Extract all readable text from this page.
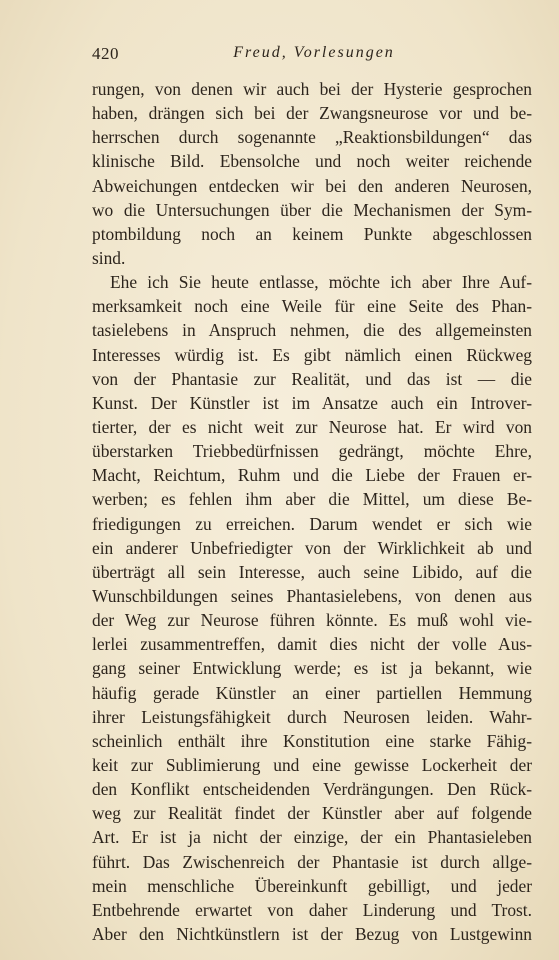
420	Freud, Vorlesungen
rungen, von denen wir auch bei der Hysterie gesprochen
haben, drängen sich bei der Zwangsneurose vor und be-
herrschen durch sogenannte „Reaktionsbildungen“ das
klinische Bild. Ebensolche und noch weiter reichende
Abweichungen entdecken wir bei den anderen Neurosen,
wo die Untersuchungen über die Mechanismen der Sym-
ptombildung noch an keinem Punkte abgeschlossen
sind.
Ehe ich Sie heute entlasse, möchte ich aber Ihre Auf-
merksamkeit noch eine Weile für eine Seite des Phan-
tasielebens in Anspruch nehmen, die des allgemeinsten
Interesses würdig ist. Es gibt nämlich einen Rückweg
von der Phantasie zur Realität, und das ist — die
Kunst. Der Künstler ist im Ansatze auch ein Introver-
tierter, der es nicht weit zur Neurose hat. Er wird von
überstarken Triebbedürfnissen gedrängt, möchte Ehre,
Macht, Reichtum, Ruhm und die Liebe der Frauen er-
werben; es fehlen ihm aber die Mittel, um diese Be-
friedigungen zu erreichen. Darum wendet er sich wie
ein anderer Unbefriedigter von der Wirklichkeit ab und
überträgt all sein Interesse, auch seine Libido, auf die
Wunschbildungen seines Phantasielebens, von denen aus
der Weg zur Neurose führen könnte. Es muß wohl vie-
lerlei zusammentreffen, damit dies nicht der volle Aus-
gang seiner Entwicklung werde; es ist ja bekannt, wie
häufig gerade Künstler an einer partiellen Hemmung
ihrer Leistungsfähigkeit durch Neurosen leiden. Wahr-
scheinlich enthält ihre Konstitution eine starke Fähig-
keit zur Sublimierung und eine gewisse Lockerheit der
den Konflikt entscheidenden Verdrängungen. Den Rück-
weg zur Realität findet der Künstler aber auf folgende
Art. Er ist ja nicht der einzige, der ein Phantasieleben
führt. Das Zwischenreich der Phantasie ist durch allge-
mein menschliche Übereinkunft gebilligt, und jeder
Entbehrende erwartet von daher Linderung und Trost.
Aber den Nichtkünstlern ist der Bezug von Lustgewinn
